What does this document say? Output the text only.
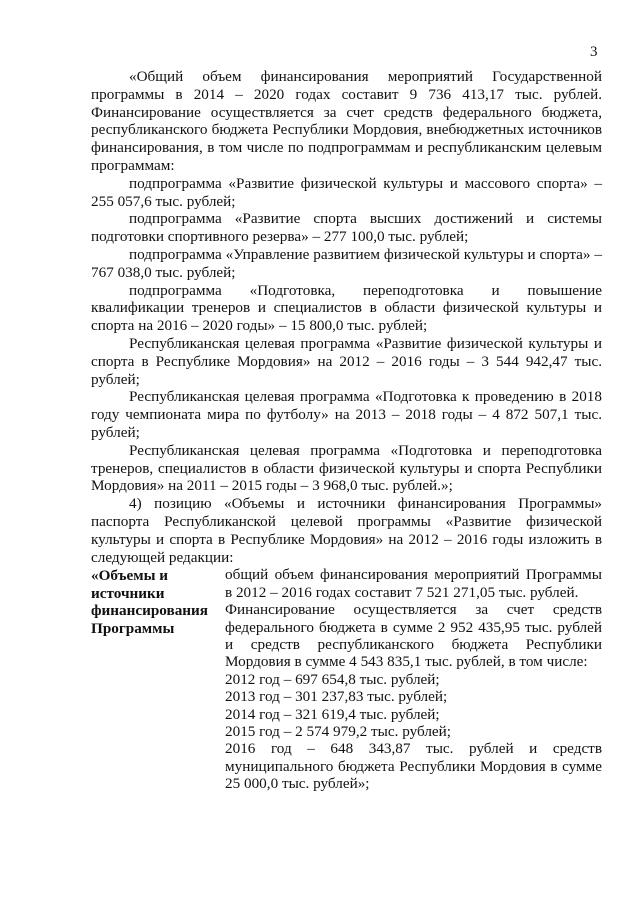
3

«Общий объем финансирования мероприятий Государственной программы в 2014 – 2020 годах составит 9 736 413,17 тыс. рублей. Финансирование осуществляется за счет средств федерального бюджета, республиканского бюджета Республики Мордовия, внебюджетных источников финансирования, в том числе по подпрограммам и республиканским целевым программам:

подпрограмма «Развитие физической культуры и массового спорта» – 255 057,6 тыс. рублей;

подпрограмма «Развитие спорта высших достижений и системы подготовки спортивного резерва» – 277 100,0 тыс. рублей;

подпрограмма «Управление развитием физической культуры и спорта» – 767 038,0 тыс. рублей;

подпрограмма «Подготовка, переподготовка и повышение квалификации тренеров и специалистов в области физической культуры и спорта на 2016 – 2020 годы» – 15 800,0 тыс. рублей;

Республиканская целевая программа «Развитие физической культуры и спорта в Республике Мордовия» на 2012 – 2016 годы – 3 544 942,47 тыс. рублей;

Республиканская целевая программа «Подготовка к проведению в 2018 году чемпионата мира по футболу» на 2013 – 2018 годы – 4 872 507,1 тыс. рублей;

Республиканская целевая программа «Подготовка и переподготовка тренеров, специалистов в области физической культуры и спорта Республики Мордовия» на 2011 – 2015 годы – 3 968,0 тыс. рублей.»;

4) позицию «Объемы и источники финансирования Программы» паспорта Республиканской целевой программы «Развитие физической культуры и спорта в Республике Мордовия» на 2012 – 2016 годы изложить в следующей редакции:

«Объемы и источники финансирования Программы

общий объем финансирования мероприятий Программы в 2012 – 2016 годах составит 7 521 271,05 тыс. рублей.

Финансирование осуществляется за счет средств федерального бюджета в сумме 2 952 435,95 тыс. рублей и средств республиканского бюджета Республики Мордовия в сумме 4 543 835,1 тыс. рублей, в том числе:

2012 год – 697 654,8 тыс. рублей;

2013 год – 301 237,83 тыс. рублей;

2014 год – 321 619,4 тыс. рублей;

2015 год – 2 574 979,2 тыс. рублей;

2016 год – 648 343,87 тыс. рублей и средств муниципального бюджета Республики Мордовия в сумме 25 000,0 тыс. рублей»;
